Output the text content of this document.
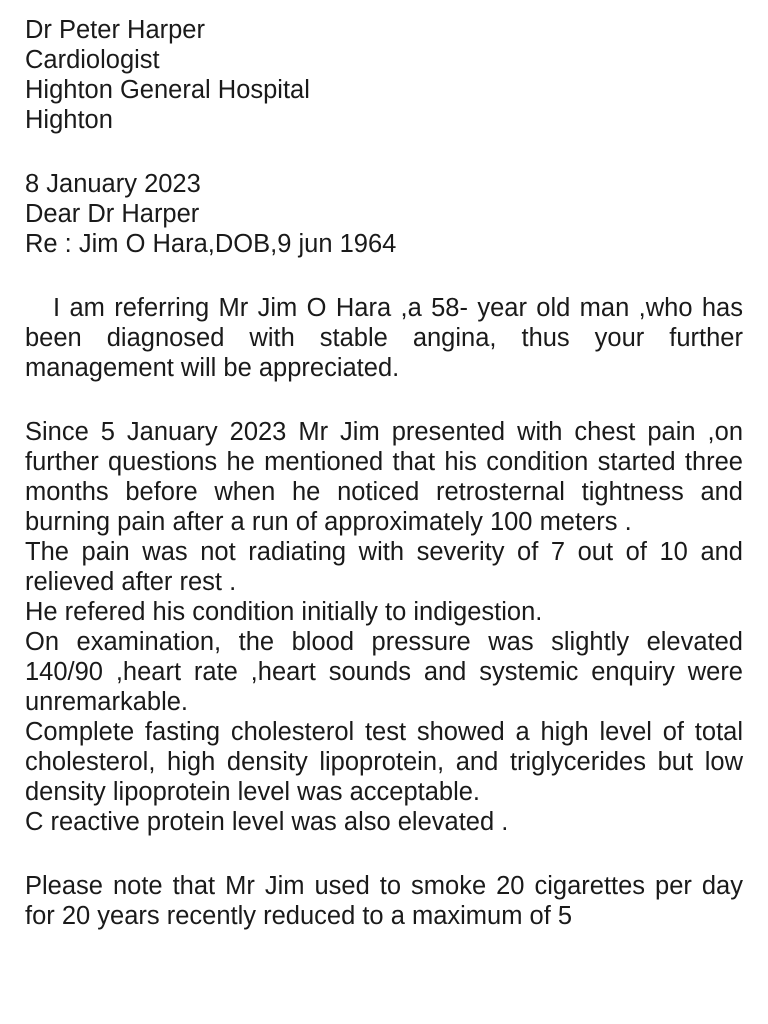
Dr Peter Harper
Cardiologist
Highton General Hospital
Highton
8 January 2023
Dear Dr Harper
Re : Jim O Hara,DOB,9 jun 1964

I am referring Mr Jim O Hara ,a 58- year old man ,who has been diagnosed with stable angina, thus your further management will be appreciated.

Since 5 January 2023 Mr Jim presented with chest pain ,on further questions he mentioned that his condition started three months before when he noticed retrosternal tightness and burning pain after a run of approximately 100 meters .

The pain was not radiating with severity of 7 out of 10 and relieved after rest .

He refered his condition initially to indigestion.

On examination, the blood pressure was slightly elevated 140/90 ,heart rate ,heart sounds and systemic enquiry were unremarkable.

Complete fasting cholesterol test showed a high level of total cholesterol, high density lipoprotein, and triglycerides but low density lipoprotein level was acceptable.

C reactive protein level was also elevated .

Please note that Mr Jim used to smoke 20 cigarettes per day for 20 years recently reduced to a maximum of 5
